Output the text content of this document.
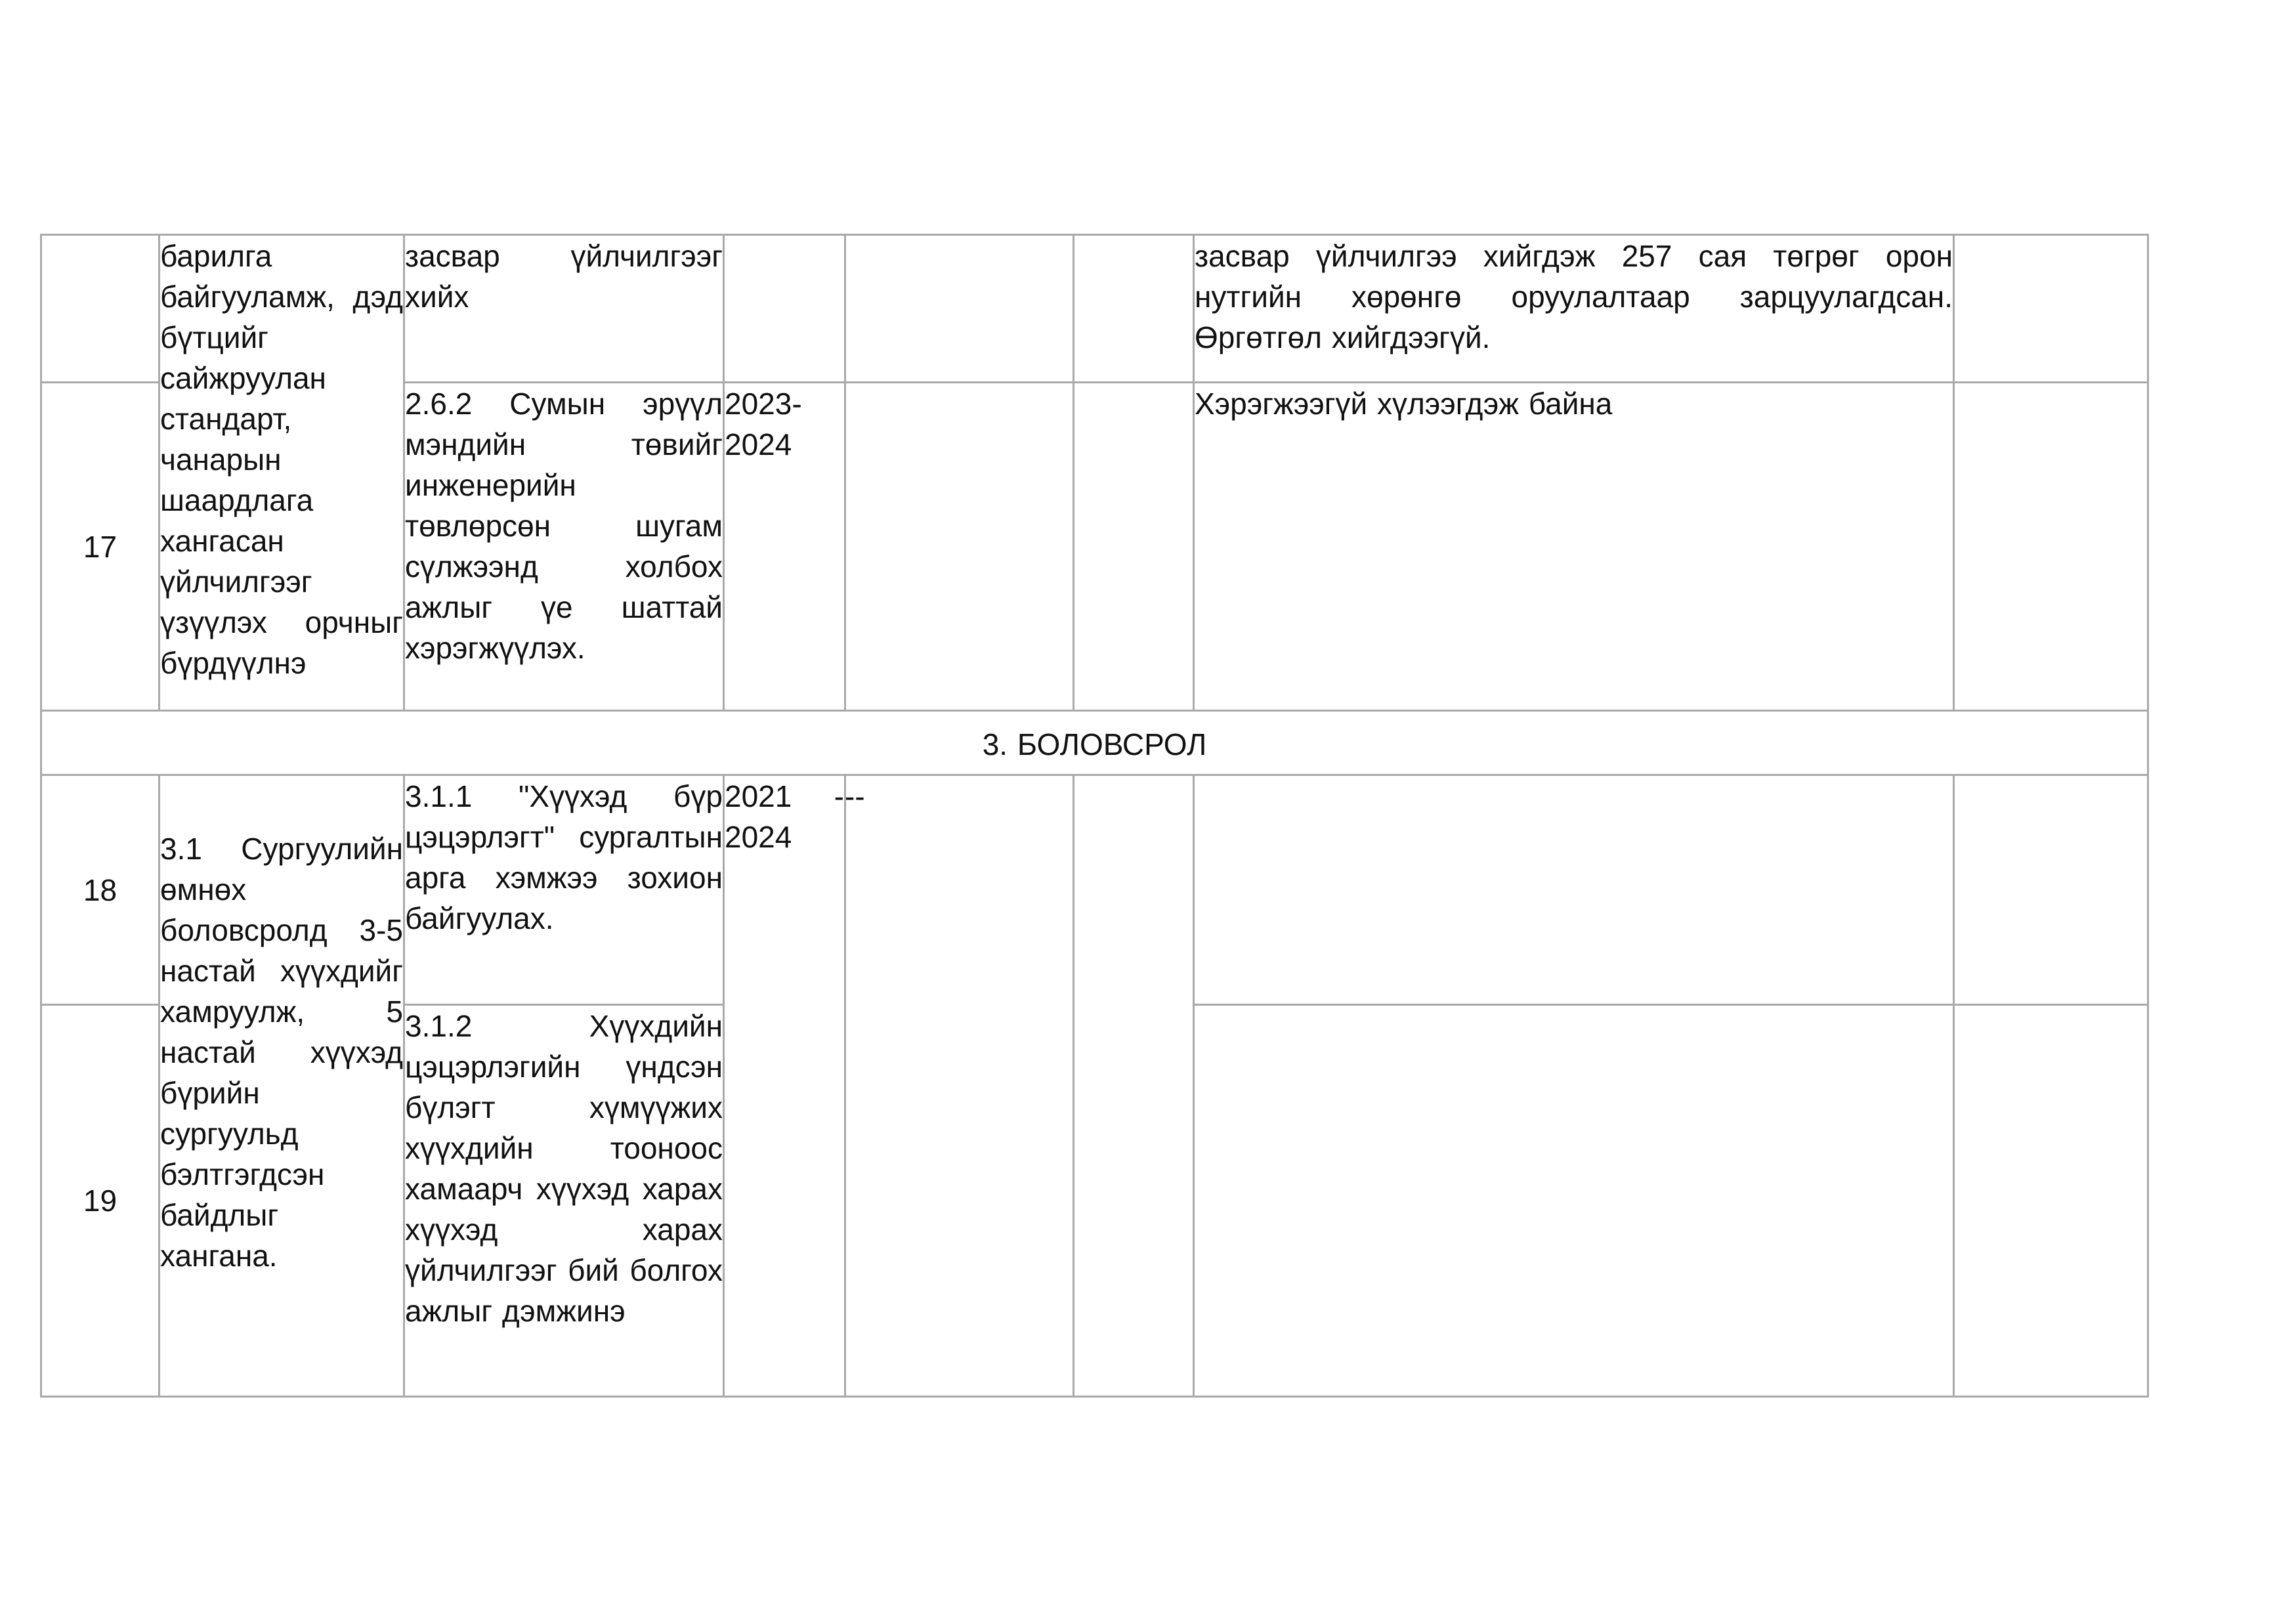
	барилга байгууламж, дэд бүтцийг сайжруулан стандарт, чанарын шаардлага хангасан үйлчилгээг үзүүлэх орчныг бүрдүүлнэ	засвар үйлчилгээг хийх				засвар үйлчилгээ хийгдэж 257 сая төгрөг орон нутгийн хөрөнгө оруулалтаар зарцуулагдсан. Өргөтгөл хийгдээгүй.	

17		2.6.2 Сумын эрүүл мэндийн төвийг инженерийн төвлөрсөн шугам сүлжээнд холбох ажлыг үе шаттай хэрэгжүүлэх.	2023-2024			Хэрэгжээгүй хүлээгдэж байна	

3. БОЛОВСРОЛ							
18	3.1 Сургуулийн өмнөх боловсролд 3-5 настай хүүхдийг хамруулж, 5 настай хүүхэд бүрийн сургуульд бэлтгэгдсэн байдлыг хангана.	3.1.1 "Хүүхэд бүр цэцэрлэгт" сургалтын арга хэмжээ зохион байгуулах.	2021 - 2024	--			

19		3.1.2 Хүүхдийн цэцэрлэгийн үндсэн бүлэгт хүмүүжих хүүхдийн тооноос хамаарч хүүхэд харах хүүхэд харах үйлчилгээг бий болгох ажлыг дэмжинэ					
